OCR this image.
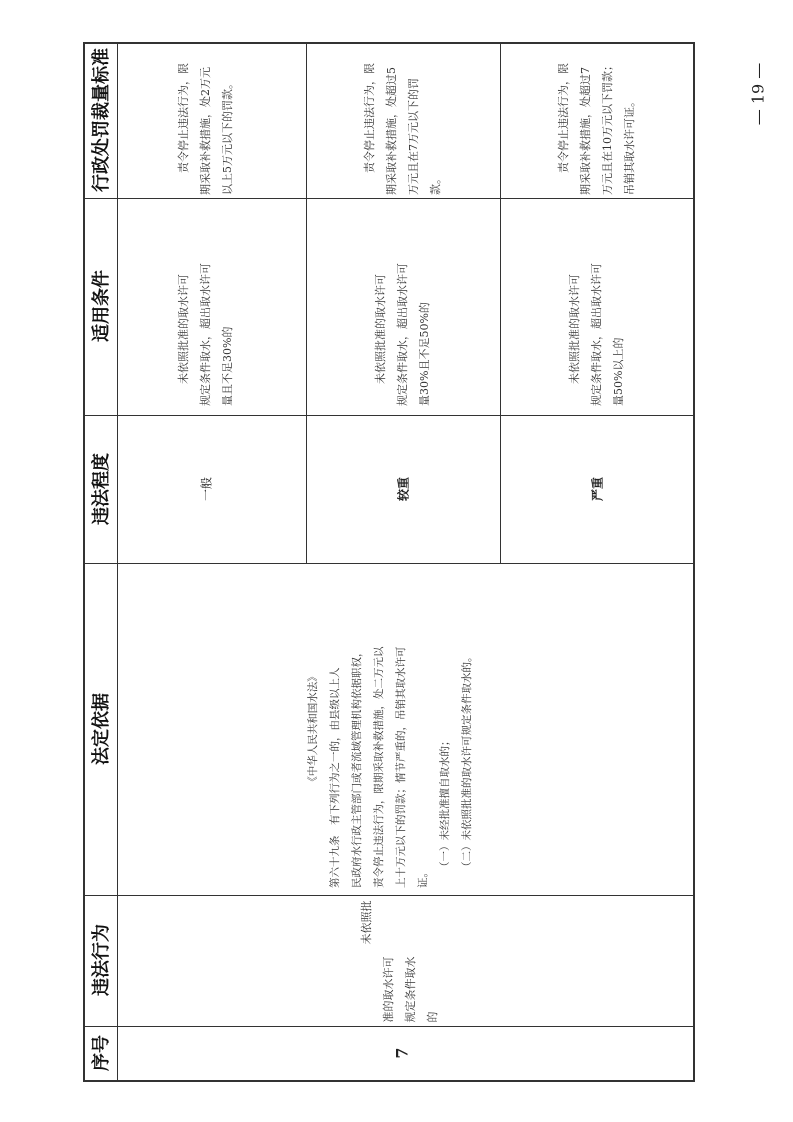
序号
违法行为
法定依据
违法程度
适用条件
行政处罚裁量标准
7
未依照批
准的取水许可 规定条件取水 的
《中华人民共和国水法》 第六十九条　有下列行为之一的，由县级以上人 民政府水行政主管部门或者流域管理机构依据职权， 责令停止违法行为，限期采取补救措施，处二万元以 上十万元以下的罚款；情节严重的，吊销其取水许可 证。
（一）未经批准擅自取水的； （二）未依照批准的取水许可规定条件取水的。
一般
未依照批准的取水许可 规定条件取水，超出取水许可 量且不足30%的
责令停止违法行为，限 期采取补救措施，处2万元 以上5万元以下的罚款。
较重
未依照批准的取水许可 规定条件取水，超出取水许可 量30%且不足50%的
责令停止违法行为，限 期采取补救措施，处超过5 万元且在7万元以下的罚 款。
严重
未依照批准的取水许可 规定条件取水，超出取水许可 量50%以上的
责令停止违法行为，限 期采取补救措施，处超过7 万元且在10万元以下罚款； 吊销其取水许可证。
— 19 —
